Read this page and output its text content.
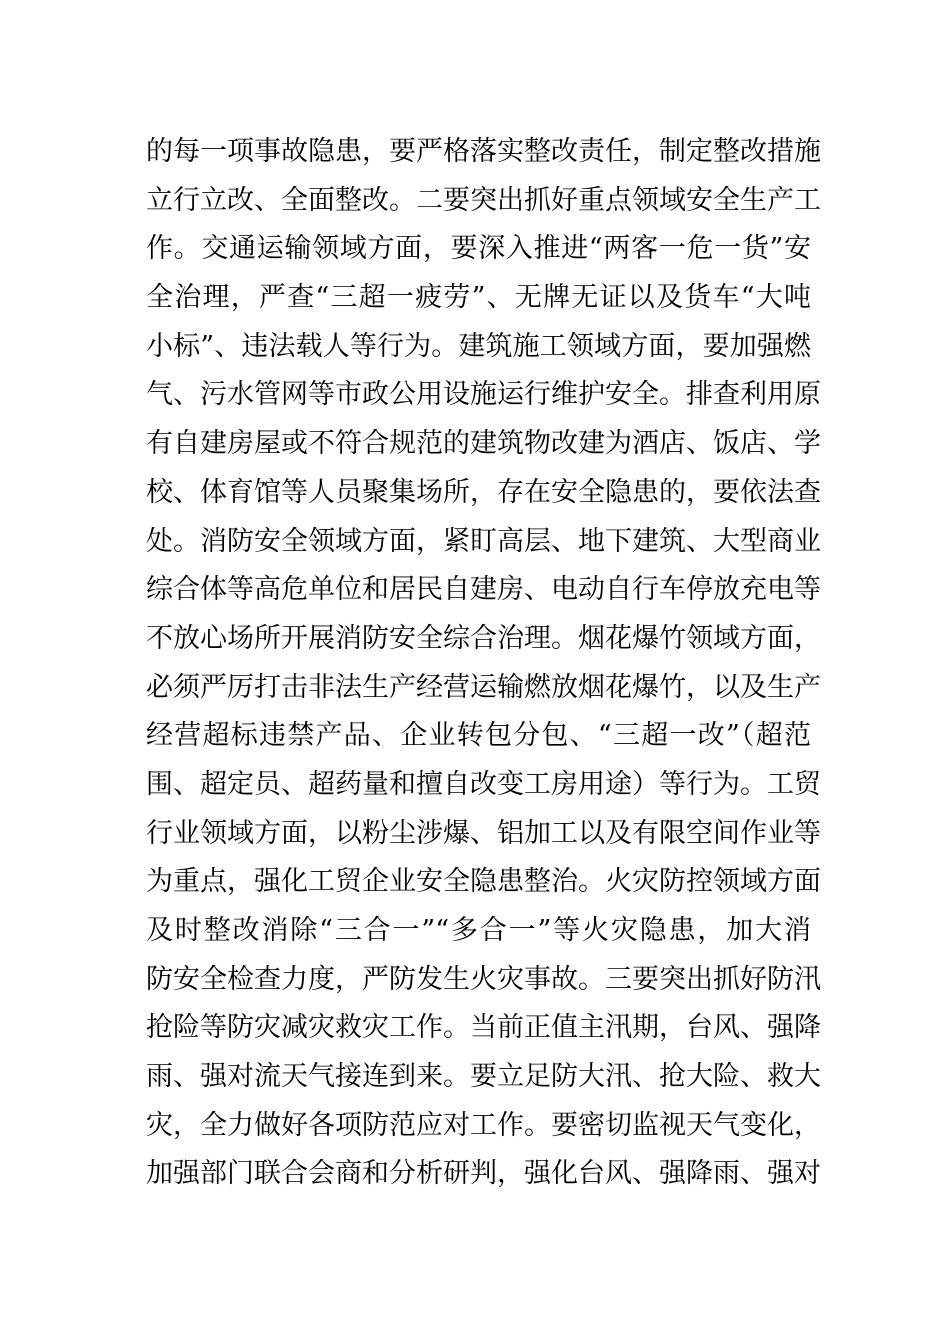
的每一项事故隐患，要严格落实整改责任，制定整改措施
立行立改、全面整改。二要突出抓好重点领域安全生产工
作。交通运输领域方面，要深入推进“两客一危一货”安
全治理，严查“三超一疲劳”、无牌无证以及货车“大吨
小标”、违法载人等行为。建筑施工领域方面，要加强燃
气、污水管网等市政公用设施运行维护安全。排查利用原
有自建房屋或不符合规范的建筑物改建为酒店、饭店、学
校、体育馆等人员聚集场所，存在安全隐患的，要依法查
处。消防安全领域方面，紧盯高层、地下建筑、大型商业
综合体等高危单位和居民自建房、电动自行车停放充电等
不放心场所开展消防安全综合治理。烟花爆竹领域方面，
必须严厉打击非法生产经营运输燃放烟花爆竹，以及生产
经营超标违禁产品、企业转包分包、“三超一改”（超范
围、超定员、超药量和擅自改变工房用途）等行为。工贸
行业领域方面，以粉尘涉爆、铝加工以及有限空间作业等
为重点，强化工贸企业安全隐患整治。火灾防控领域方面
及时整改消除“三合一”“多合一”等火灾隐患，加大消
防安全检查力度，严防发生火灾事故。三要突出抓好防汛
抢险等防灾减灾救灾工作。当前正值主汛期，台风、强降
雨、强对流天气接连到来。要立足防大汛、抢大险、救大
灾，全力做好各项防范应对工作。要密切监视天气变化，
加强部门联合会商和分析研判，强化台风、强降雨、强对
